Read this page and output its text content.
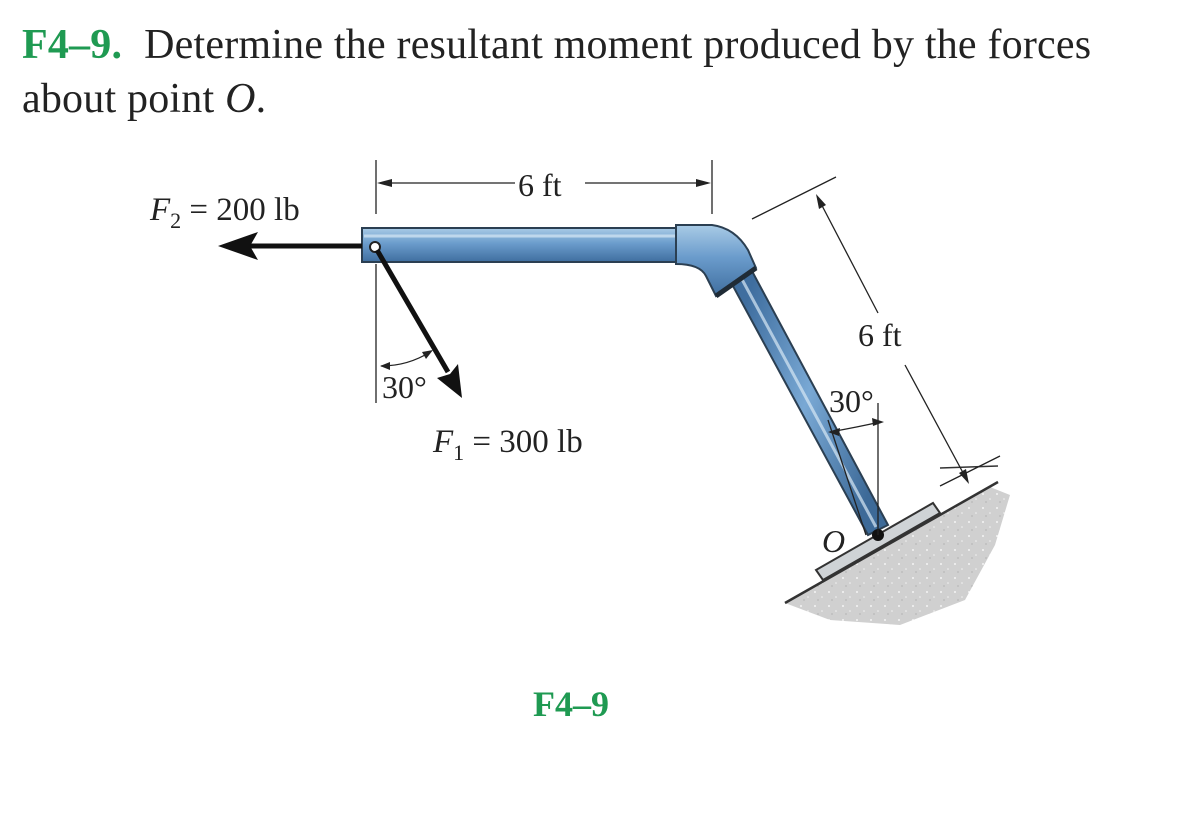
F4–9. Determine the resultant moment produced by the forces about point O.
$F_2 = 200$ lb
6 ft
6 ft
30°	30°
$F_1 = 300$ lb
O
F4–9
